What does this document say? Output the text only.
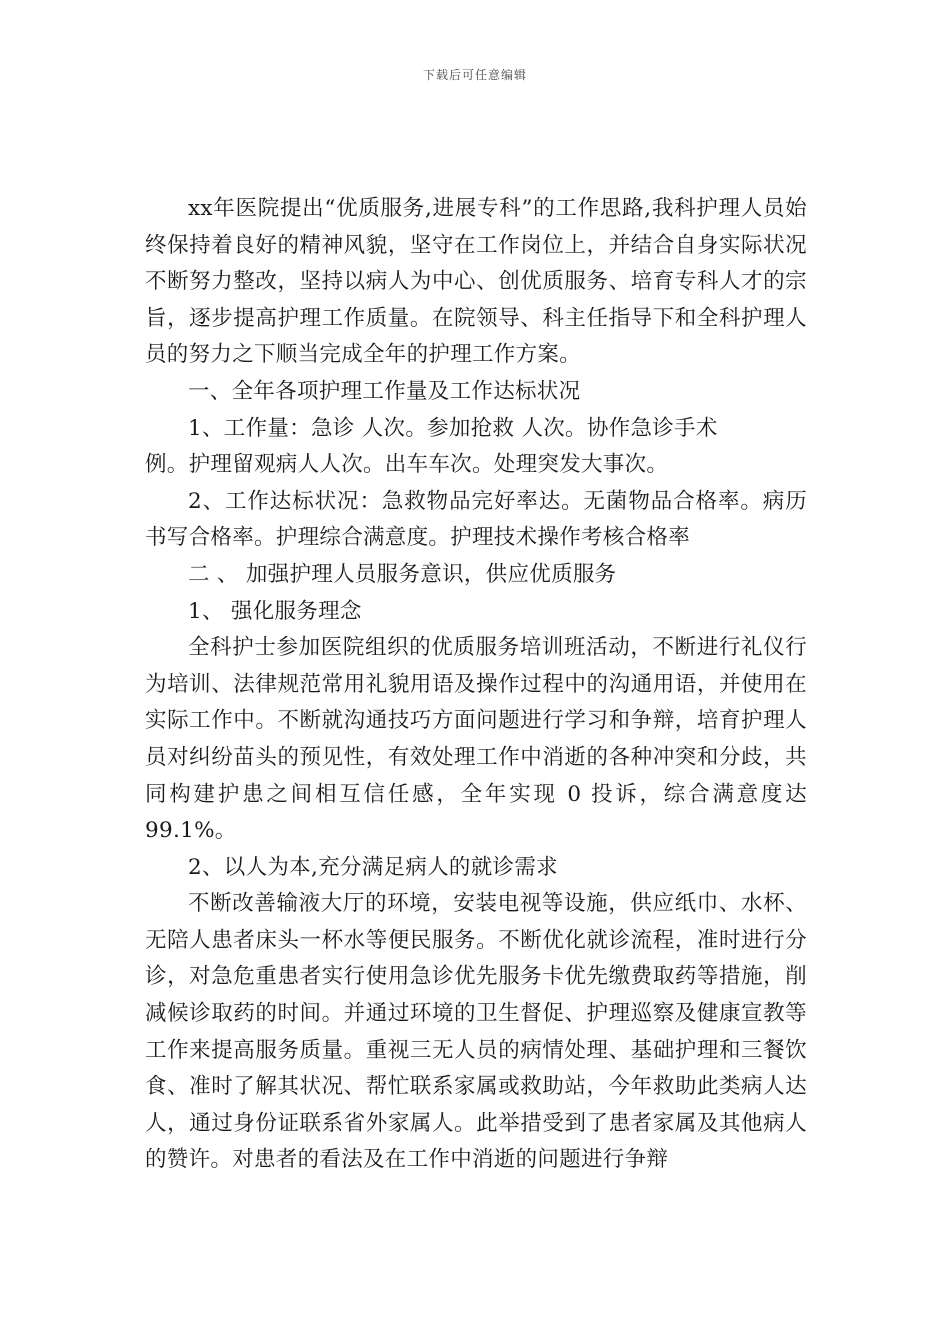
下载后可任意编辑

xx年医院提出“优质服务,进展专科”的工作思路,我科护理人员始终保持着良好的精神风貌，坚守在工作岗位上，并结合自身实际状况不断努力整改，坚持以病人为中心、创优质服务、培育专科人才的宗旨，逐步提高护理工作质量。在院领导、科主任指导下和全科护理人员的努力之下顺当完成全年的护理工作方案。

一、全年各项护理工作量及工作达标状况

1、工作量：急诊 人次。参加抢救 人次。协作急诊手术

例。护理留观病人人次。出车车次。处理突发大事次。

2、工作达标状况：急救物品完好率达。无菌物品合格率。病历书写合格率。护理综合满意度。护理技术操作考核合格率

二 、 加强护理人员服务意识，供应优质服务

1、 强化服务理念

全科护士参加医院组织的优质服务培训班活动，不断进行礼仪行为培训、法律规范常用礼貌用语及操作过程中的沟通用语，并使用在实际工作中。不断就沟通技巧方面问题进行学习和争辩，培育护理人员对纠纷苗头的预见性，有效处理工作中消逝的各种冲突和分歧，共同构建护患之间相互信任感，全年实现 0 投诉，综合满意度达 99.1%。

2、以人为本,充分满足病人的就诊需求

不断改善输液大厅的环境，安装电视等设施，供应纸巾、水杯、无陪人患者床头一杯水等便民服务。不断优化就诊流程，准时进行分诊，对急危重患者实行使用急诊优先服务卡优先缴费取药等措施，削减候诊取药的时间。并通过环境的卫生督促、护理巡察及健康宣教等工作来提高服务质量。重视三无人员的病情处理、基础护理和三餐饮食、准时了解其状况、帮忙联系家属或救助站，今年救助此类病人达人，通过身份证联系省外家属人。此举措受到了患者家属及其他病人的赞许。对患者的看法及在工作中消逝的问题进行争辩
